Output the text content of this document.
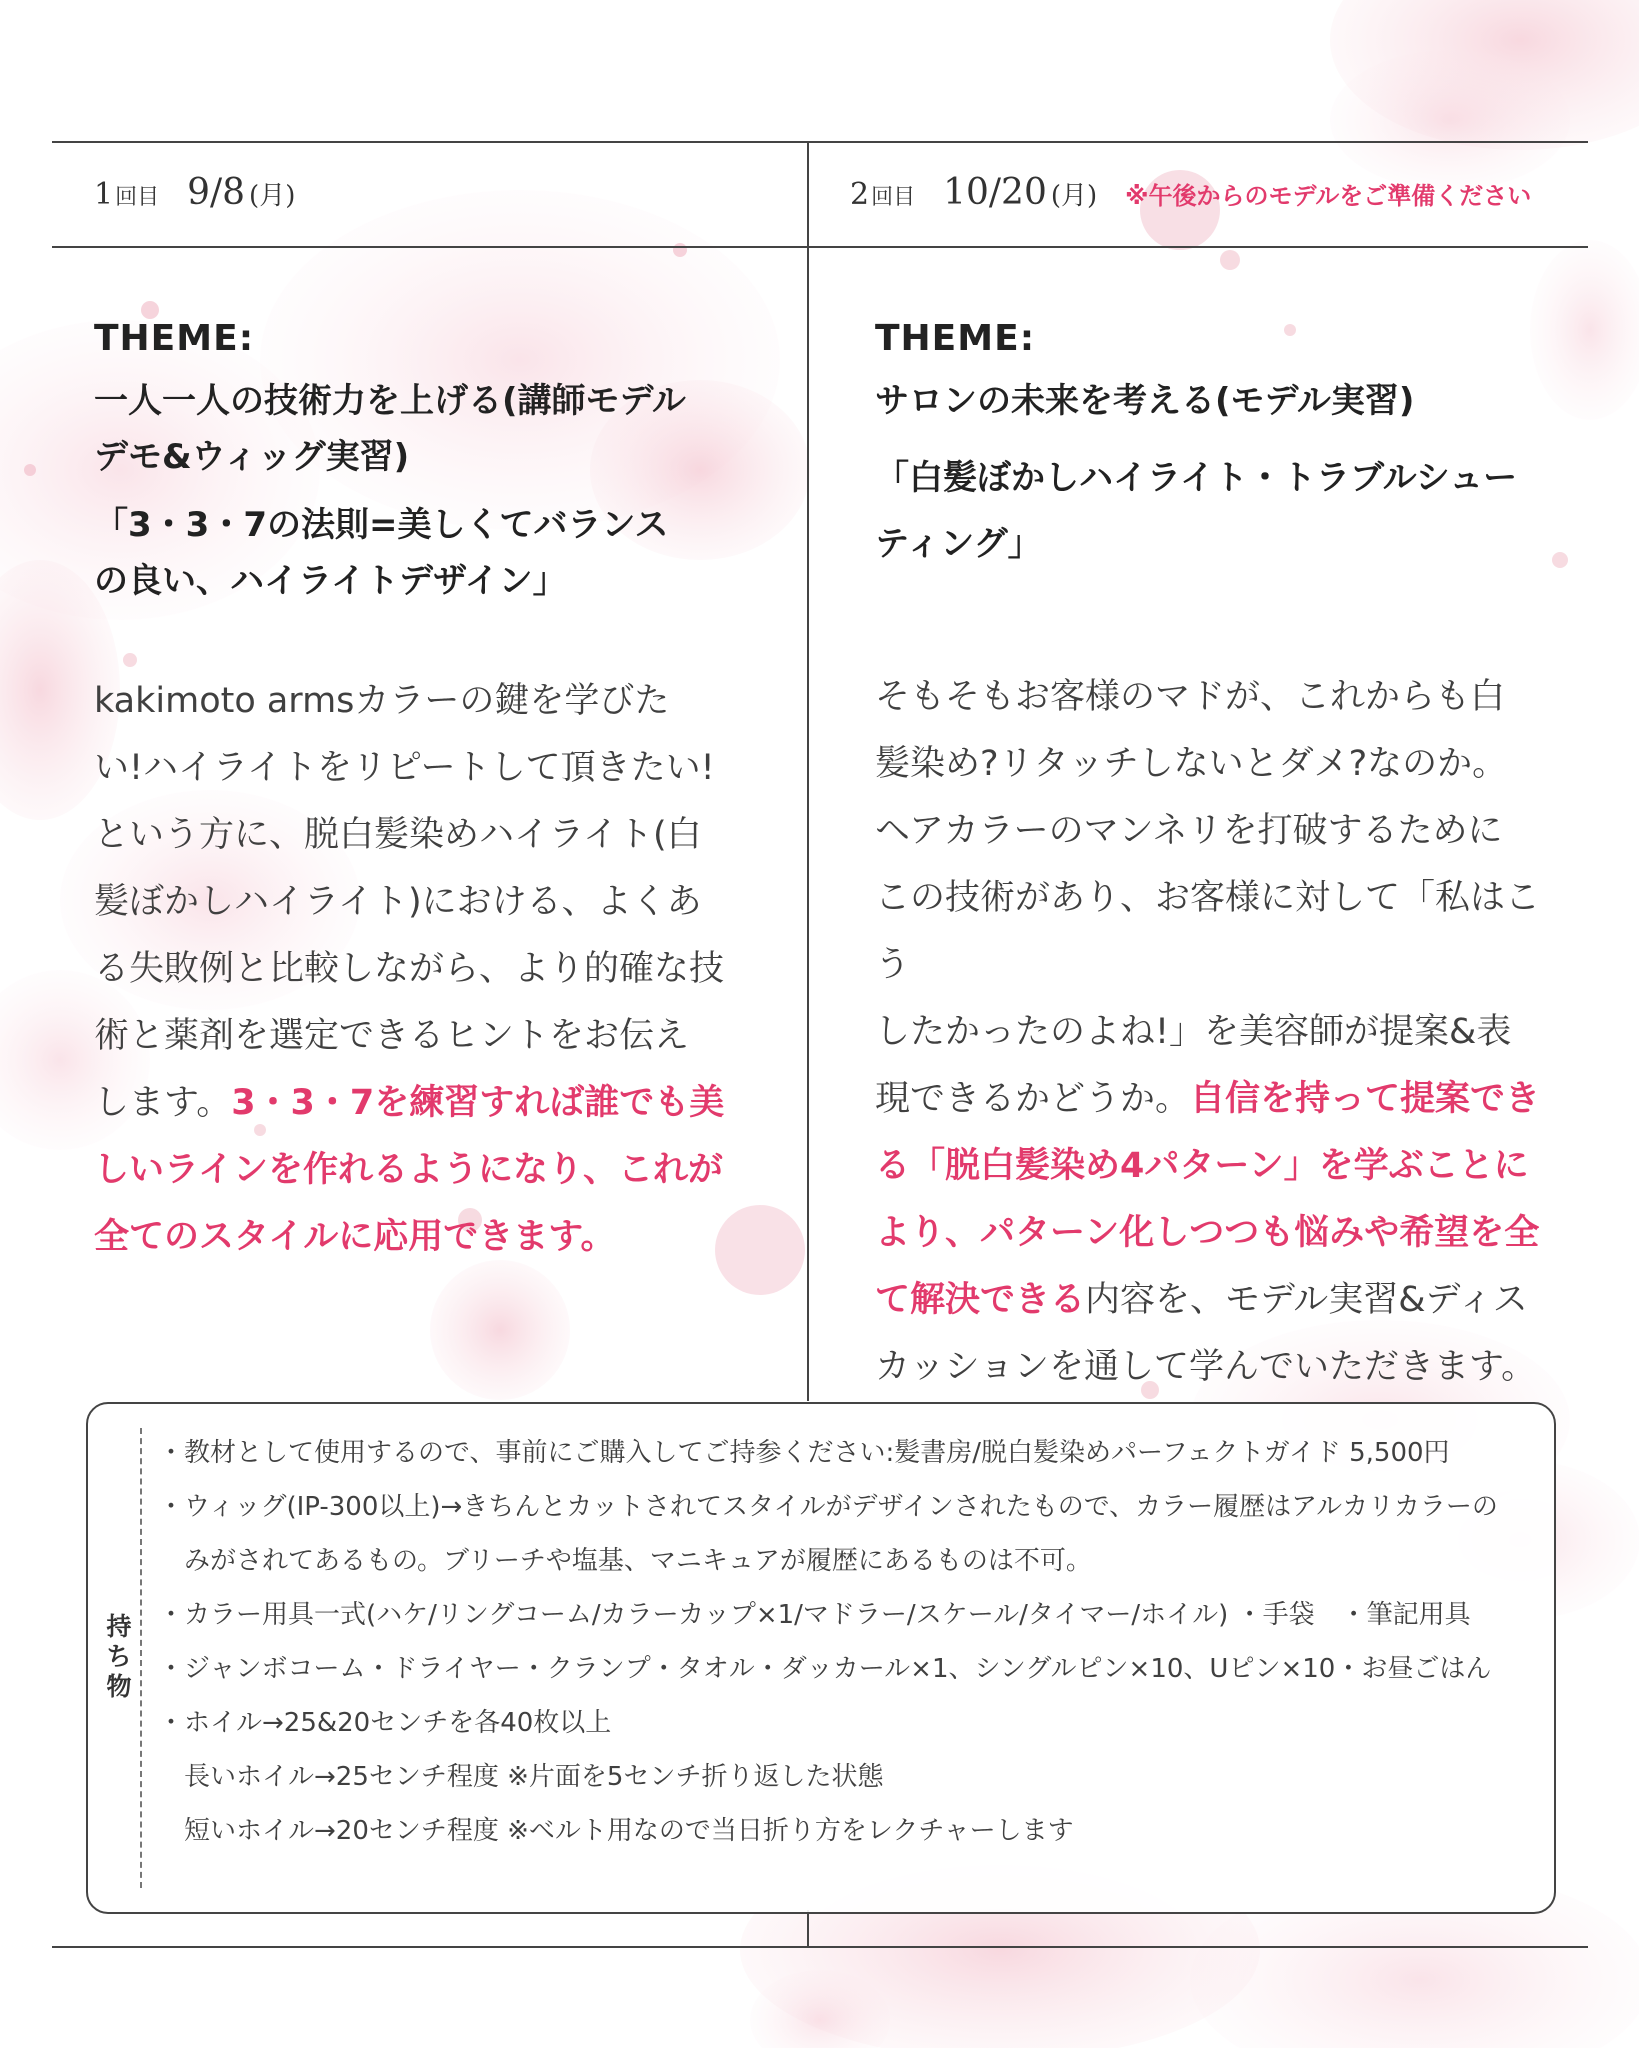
1 回目 9/8 (月)	2 回目 10/20 (月) ※午後からのモデルをご準備ください

THEME:

一人一人の技術力を上げる(講師モデル
デモ&ウィッグ実習)

「3・3・7の法則=美しくてバランス
の良い、ハイライトデザイン」

kakimoto armsカラーの鍵を学びた
い!ハイライトをリピートして頂きたい!
という方に、脱白髪染めハイライト(白
髪ぼかしハイライト)における、よくあ
る失敗例と比較しながら、より的確な技
術と薬剤を選定できるヒントをお伝え
します。3・3・7を練習すれば誰でも美
しいラインを作れるようになり、これが
全てのスタイルに応用できます。

THEME:

サロンの未来を考える(モデル実習)

「白髪ぼかしハイライト・トラブルシュー
ティング」

そもそもお客様のマドが、これからも白
髪染め?リタッチしないとダメ?なのか。
ヘアカラーのマンネリを打破するために
この技術があり、お客様に対して「私はこう
したかったのよね!」を美容師が提案&表
現できるかどうか。自信を持って提案でき
る「脱白髪染め4パターン」を学ぶことに
より、パターン化しつつも悩みや希望を全
て解決できる内容を、モデル実習&ディス
カッションを通して学んでいただきます。

持ち物
・教材として使用するので、事前にご購入してご持参ください:髪書房/脱白髪染めパーフェクトガイド 5,500円
・ウィッグ(IP-300以上)→きちんとカットされてスタイルがデザインされたもので、カラー履歴はアルカリカラーの
　みがされてあるもの。ブリーチや塩基、マニキュアが履歴にあるものは不可。
・カラー用具一式(ハケ/リングコーム/カラーカップ×1/マドラー/スケール/タイマー/ホイル) ・手袋　・筆記用具
・ジャンボコーム・ドライヤー・クランプ・タオル・ダッカール×1、シングルピン×10、Uピン×10・お昼ごはん
・ホイル→25&20センチを各40枚以上
　長いホイル→25センチ程度 ※片面を5センチ折り返した状態
　短いホイル→20センチ程度 ※ベルト用なので当日折り方をレクチャーします
